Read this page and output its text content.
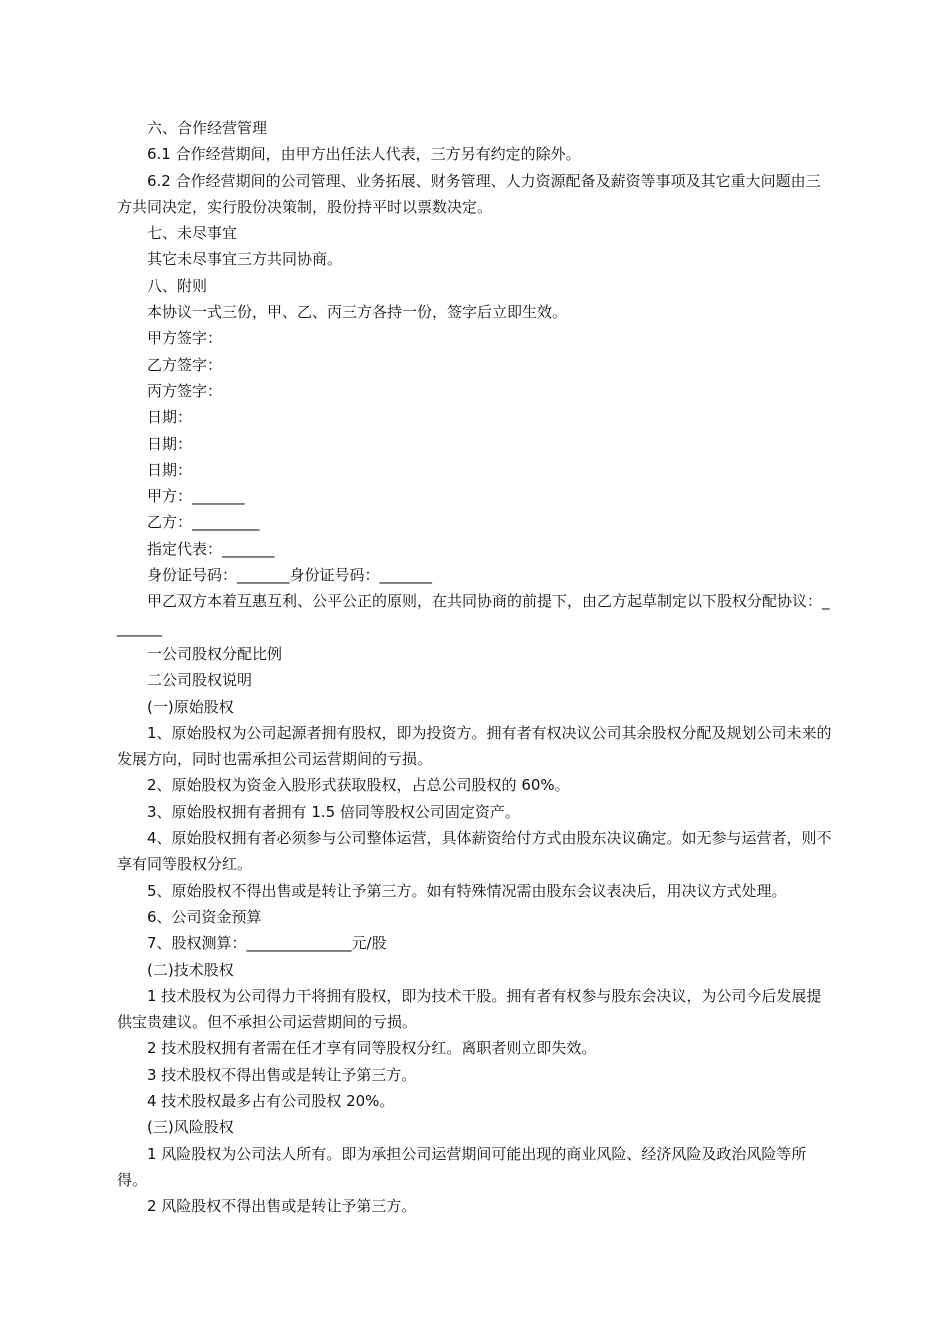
六、合作经营管理

6.1 合作经营期间，由甲方出任法人代表，三方另有约定的除外。

6.2 合作经营期间的公司管理、业务拓展、财务管理、人力资源配备及薪资等事项及其它重大问题由三方共同决定，实行股份决策制，股份持平时以票数决定。

七、未尽事宜

其它未尽事宜三方共同协商。

八、附则

本协议一式三份，甲、乙、丙三方各持一份，签字后立即生效。

甲方签字：

乙方签字：

丙方签字：

日期：

日期：

日期：

甲方：_______

乙方：_________

指定代表：_______

身份证号码：_______身份证号码：_______

甲乙双方本着互惠互利、公平公正的原则，在共同协商的前提下，由乙方起草制定以下股权分配协议：_______

一公司股权分配比例

二公司股权说明

(一)原始股权

1、原始股权为公司起源者拥有股权，即为投资方。拥有者有权决议公司其余股权分配及规划公司未来的发展方向，同时也需承担公司运营期间的亏损。

2、原始股权为资金入股形式获取股权，占总公司股权的 60%。

3、原始股权拥有者拥有 1.5 倍同等股权公司固定资产。

4、原始股权拥有者必须参与公司整体运营，具体薪资给付方式由股东决议确定。如无参与运营者，则不享有同等股权分红。

5、原始股权不得出售或是转让予第三方。如有特殊情况需由股东会议表决后，用决议方式处理。

6、公司资金预算

7、股权测算：______________元/股

(二)技术股权

1 技术股权为公司得力干将拥有股权，即为技术干股。拥有者有权参与股东会决议，为公司今后发展提供宝贵建议。但不承担公司运营期间的亏损。

2 技术股权拥有者需在任才享有同等股权分红。离职者则立即失效。

3 技术股权不得出售或是转让予第三方。

4 技术股权最多占有公司股权 20%。

(三)风险股权

1 风险股权为公司法人所有。即为承担公司运营期间可能出现的商业风险、经济风险及政治风险等所得。

2 风险股权不得出售或是转让予第三方。
